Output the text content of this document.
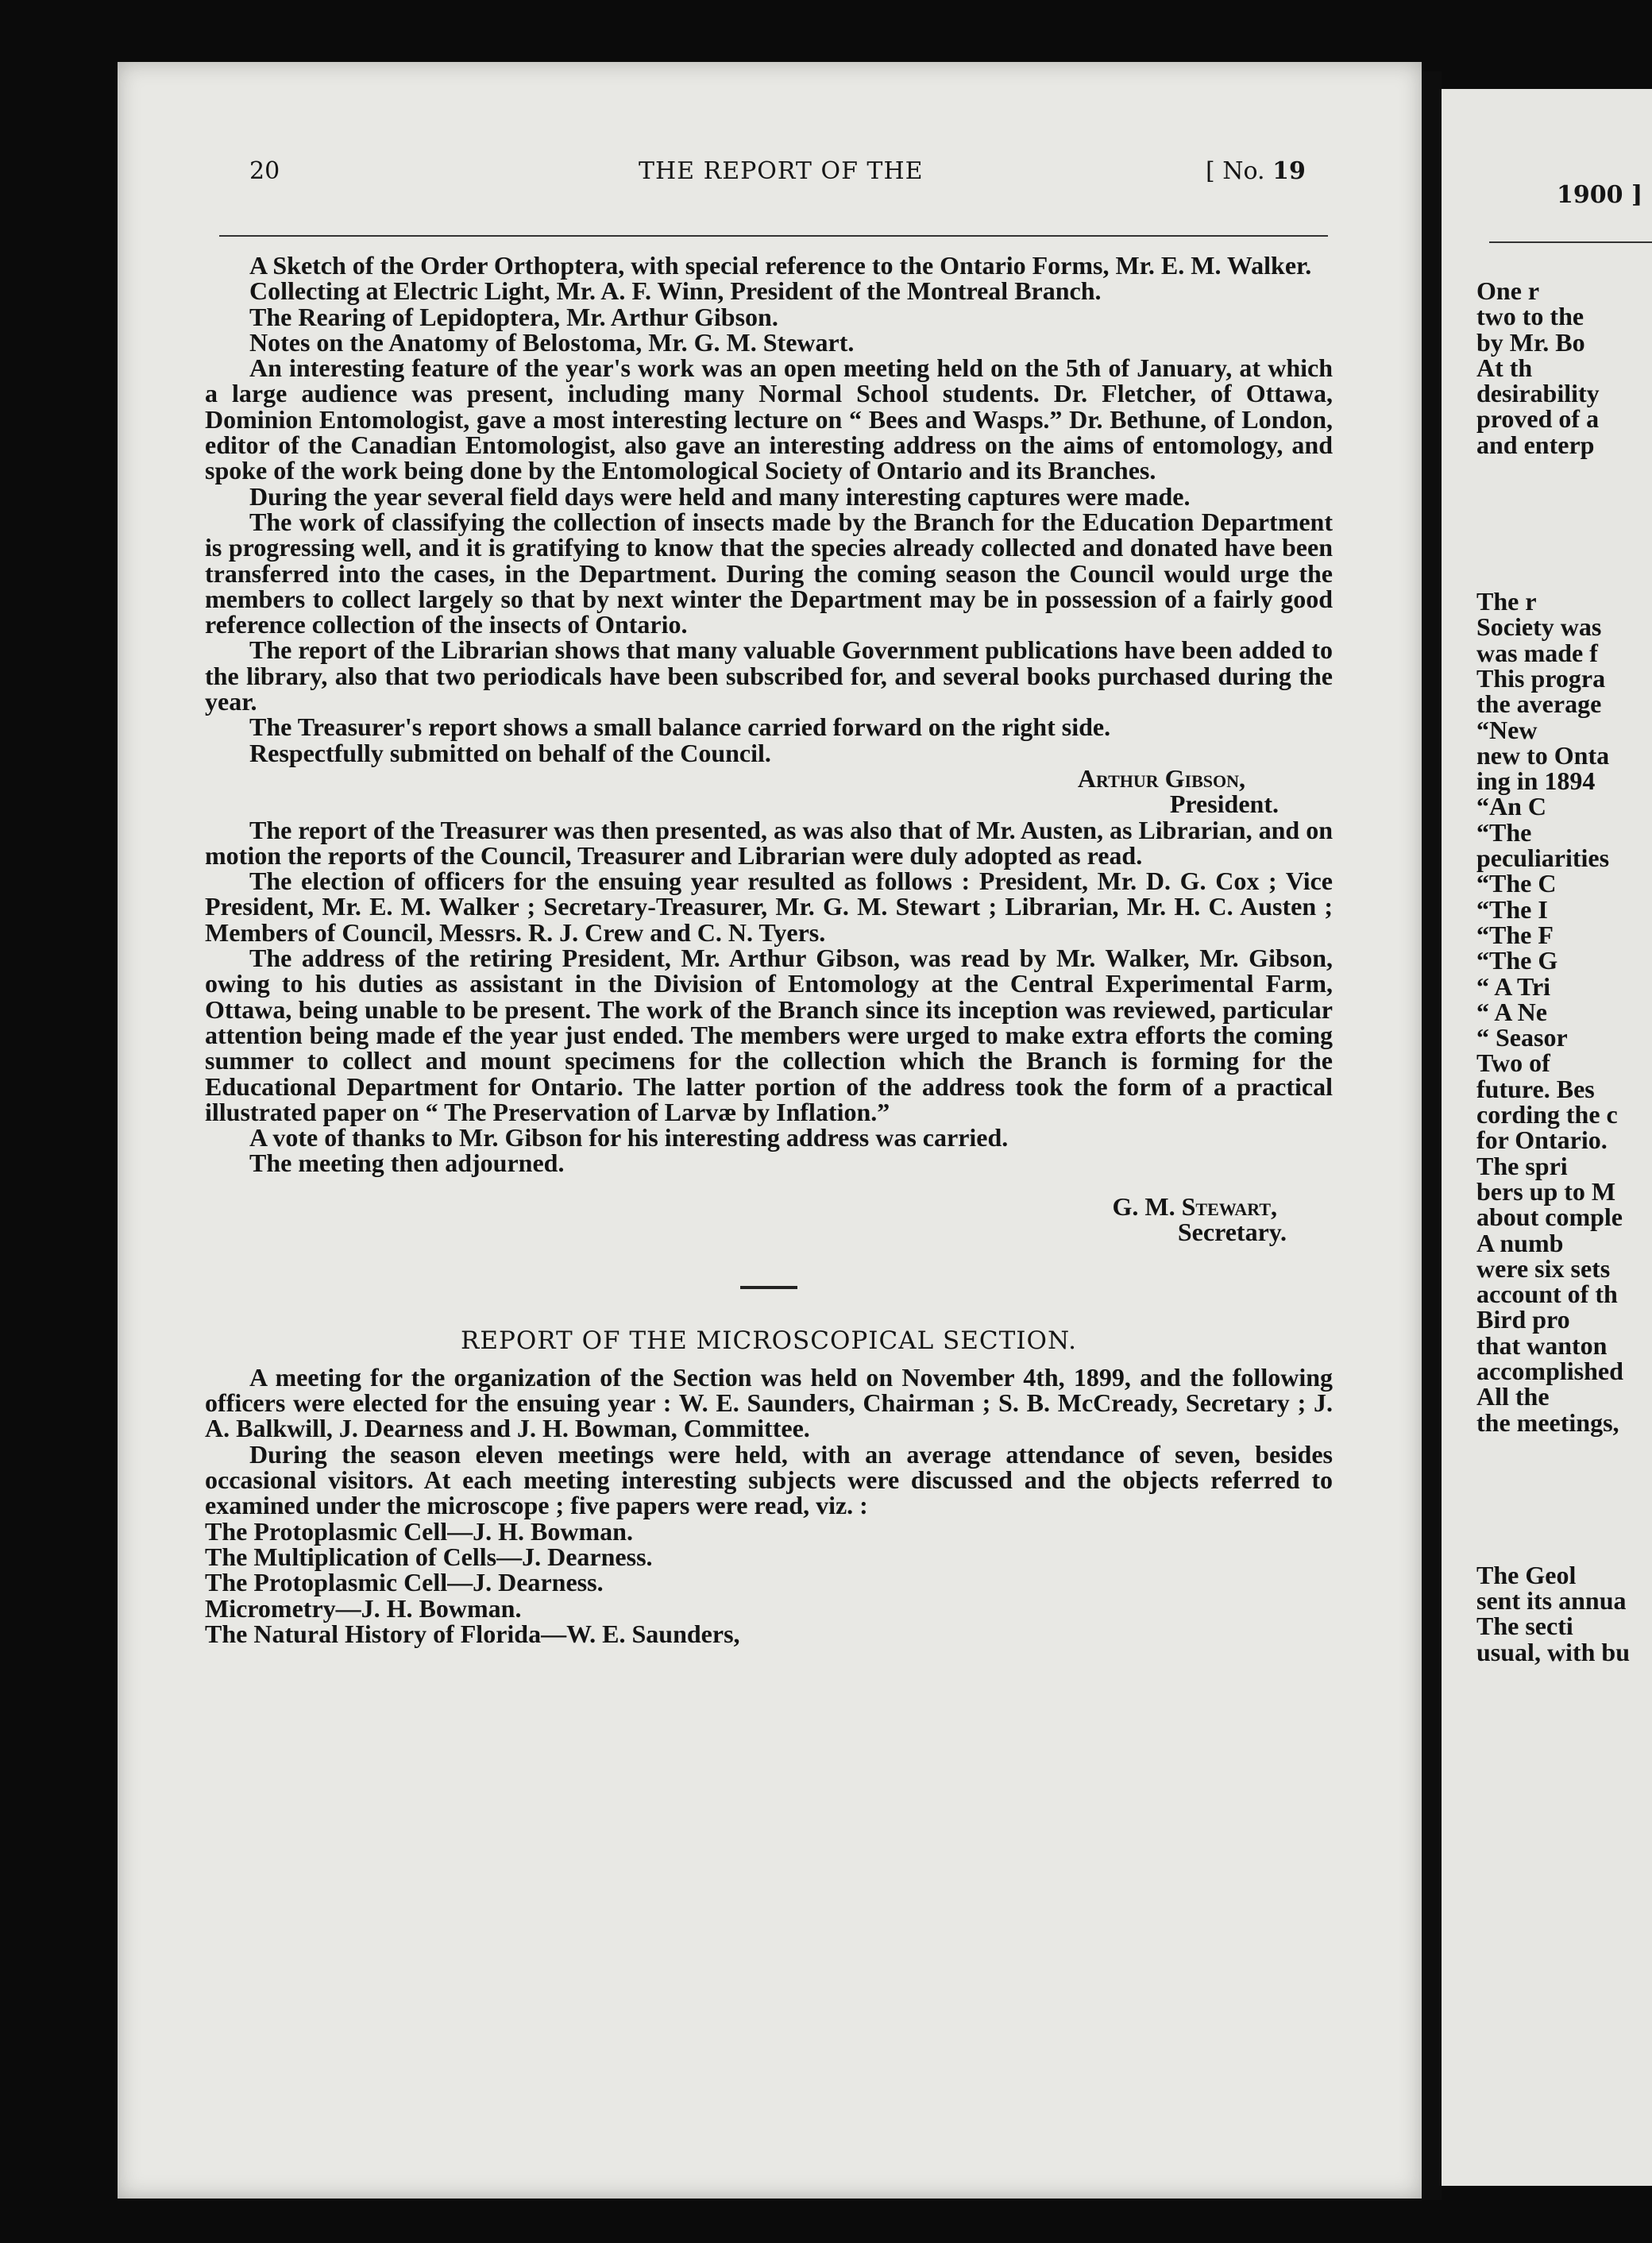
20	THE REPORT OF THE	[ No. 19

A Sketch of the Order Orthoptera, with special reference to the Ontario Forms, Mr. E. M. Walker.

Collecting at Electric Light, Mr. A. F. Winn, President of the Montreal Branch.

The Rearing of Lepidoptera, Mr. Arthur Gibson.

Notes on the Anatomy of Belostoma, Mr. G. M. Stewart.

An interesting feature of the year's work was an open meeting held on the 5th of January, at which a large audience was present, including many Normal School students. Dr. Fletcher, of Ottawa, Dominion Entomologist, gave a most interesting lecture on “ Bees and Wasps.” Dr. Bethune, of London, editor of the Canadian Entomologist, also gave an interesting address on the aims of entomology, and spoke of the work being done by the Entomological Society of Ontario and its Branches.

During the year several field days were held and many interesting captures were made.

The work of classifying the collection of insects made by the Branch for the Education Department is progressing well, and it is gratifying to know that the species already collected and donated have been transferred into the cases, in the Department. During the coming season the Council would urge the members to collect largely so that by next winter the Department may be in possession of a fairly good reference collection of the insects of Ontario.

The report of the Librarian shows that many valuable Government publications have been added to the library, also that two periodicals have been subscribed for, and several books purchased during the year.

The Treasurer's report shows a small balance carried forward on the right side.

Respectfully submitted on behalf of the Council.

Arthur Gibson,

President.

The report of the Treasurer was then presented, as was also that of Mr. Austen, as Librarian, and on motion the reports of the Council, Treasurer and Librarian were duly adopted as read.

The election of officers for the ensuing year resulted as follows : President, Mr. D. G. Cox ; Vice President, Mr. E. M. Walker ; Secretary-Treasurer, Mr. G. M. Stewart ; Librarian, Mr. H. C. Austen ; Members of Council, Messrs. R. J. Crew and C. N. Tyers.

The address of the retiring President, Mr. Arthur Gibson, was read by Mr. Walker, Mr. Gibson, owing to his duties as assistant in the Division of Entomology at the Central Experimental Farm, Ottawa, being unable to be present. The work of the Branch since its inception was reviewed, particular attention being made ef the year just ended. The members were urged to make extra efforts the coming summer to collect and mount specimens for the collection which the Branch is forming for the Educational Department for Ontario. The latter portion of the address took the form of a practical illustrated paper on “ The Preservation of Larvæ by Inflation.”

A vote of thanks to Mr. Gibson for his interesting address was carried.

The meeting then adjourned.

G. M. Stewart,

Secretary.

REPORT OF THE MICROSCOPICAL SECTION.

A meeting for the organization of the Section was held on November 4th, 1899, and the following officers were elected for the ensuing year : W. E. Saunders, Chairman ; S. B. McCready, Secretary ; J. A. Balkwill, J. Dearness and J. H. Bowman, Committee.

During the season eleven meetings were held, with an average attendance of seven, besides occasional visitors. At each meeting interesting subjects were discussed and the objects referred to examined under the microscope ; five papers were read, viz. :

The Protoplasmic Cell—J. H. Bowman.

The Multiplication of Cells—J. Dearness.

The Protoplasmic Cell—J. Dearness.

Micrometry—J. H. Bowman.

The Natural History of Florida—W. E. Saunders,

1900 ]
One r
two to the
by Mr. Bo
At th
desirability
proved of a
and enterp
The r
Society was
was made f
This progra
the average
“New
new to Onta
ing in 1894
“An C
“The
peculiarities
“The C
“The I
“The F
“The G
“ A Tri
“ A Ne
“ Seasor
Two of
future. Bes
cording the c
for Ontario.
The spri
bers up to M
about comple
A numb
were six sets
account of th
Bird pro
that wanton
accomplished
All the
the meetings,
The Geol
sent its annua
The secti
usual, with bu
